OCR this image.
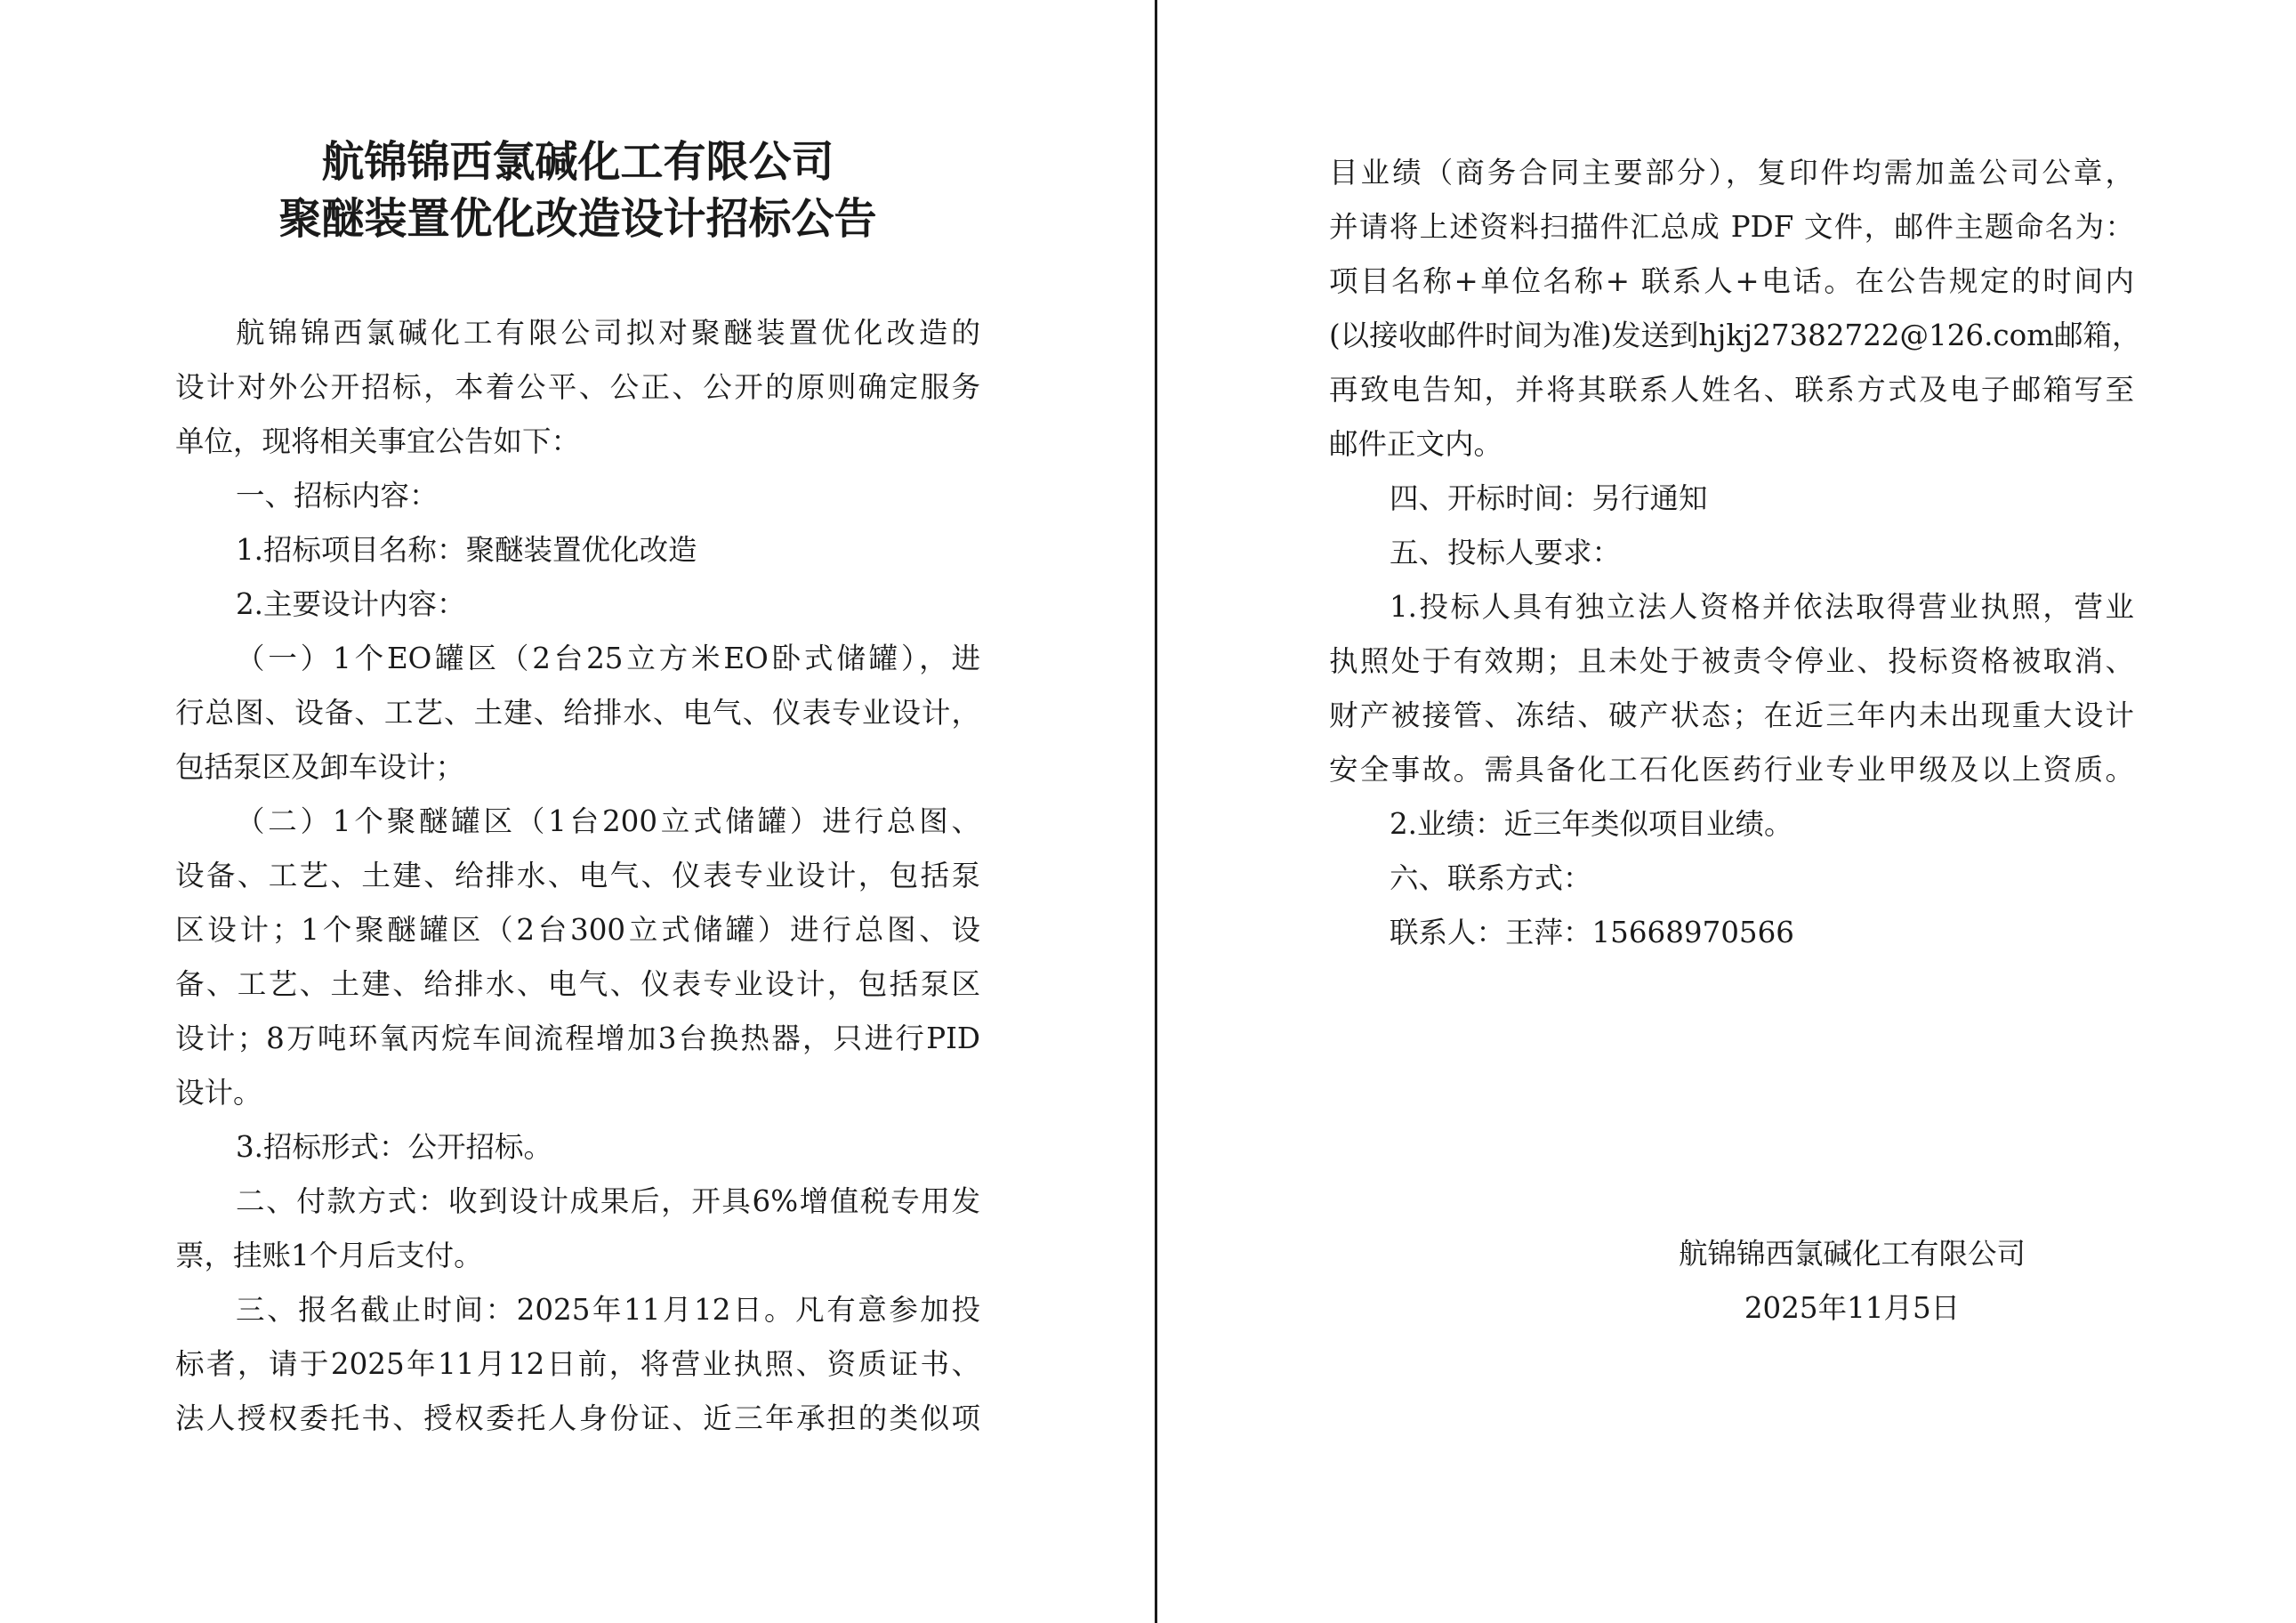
航锦锦西氯碱化工有限公司
聚醚装置优化改造设计招标公告
航锦锦西氯碱化工有限公司拟对聚醚装置优化改造的
设计对外公开招标，本着公平、公正、公开的原则确定服务
单位，现将相关事宜公告如下：
一、招标内容：
1.招标项目名称：聚醚装置优化改造
2.主要设计内容：
（一）1个EO罐区（2台25立方米EO卧式储罐），进
行总图、设备、工艺、土建、给排水、电气、仪表专业设计，
包括泵区及卸车设计；
（二）1个聚醚罐区（1台200立式储罐）进行总图、
设备、工艺、土建、给排水、电气、仪表专业设计，包括泵
区设计；1个聚醚罐区（2台300立式储罐）进行总图、设
备、工艺、土建、给排水、电气、仪表专业设计，包括泵区
设计；8万吨环氧丙烷车间流程增加3台换热器，只进行PID
设计。
3.招标形式：公开招标。
二、付款方式：收到设计成果后，开具6%增值税专用发
票，挂账1个月后支付。
三、报名截止时间：2025年11月12日。凡有意参加投
标者，请于2025年11月12日前，将营业执照、资质证书、
法人授权委托书、授权委托人身份证、近三年承担的类似项
目业绩（商务合同主要部分），复印件均需加盖公司公章，
并请将上述资料扫描件汇总成 PDF 文件，邮件主题命名为：
项目名称+单位名称+ 联系人+电话。在公告规定的时间内
(以接收邮件时间为准)发送到hjkj27382722@126.com邮箱，
再致电告知，并将其联系人姓名、联系方式及电子邮箱写至
邮件正文内。
四、开标时间：另行通知
五、投标人要求：
1.投标人具有独立法人资格并依法取得营业执照，营业
执照处于有效期；且未处于被责令停业、投标资格被取消、
财产被接管、冻结、破产状态；在近三年内未出现重大设计
安全事故。需具备化工石化医药行业专业甲级及以上资质。
2.业绩：近三年类似项目业绩。
六、联系方式：
联系人：王萍：15668970566
航锦锦西氯碱化工有限公司
2025年11月5日
